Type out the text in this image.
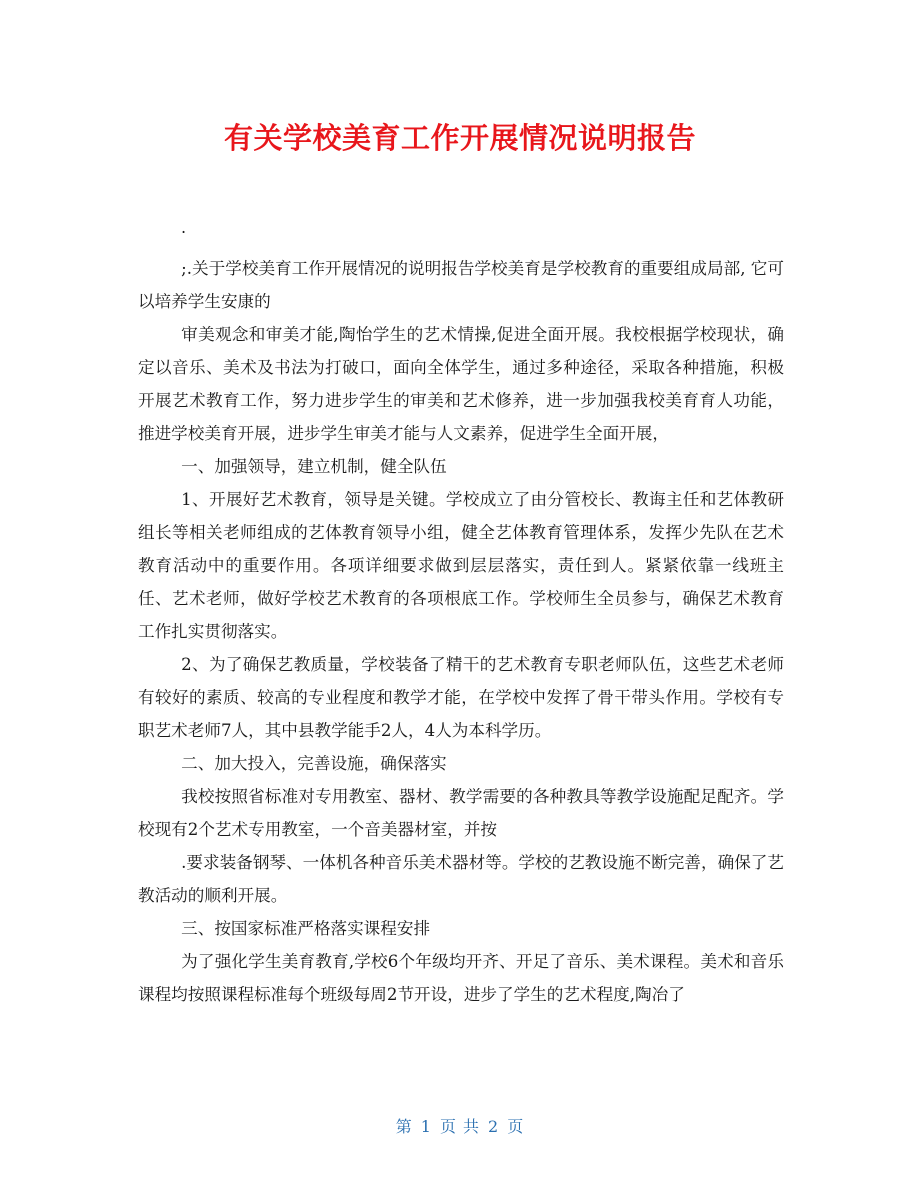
有关学校美育工作开展情况说明报告
.

;.关于学校美育工作开展情况的说明报告学校美育是学校教育的重要组成局部, 它可以培养学生安康的

审美观念和审美才能,陶怡学生的艺术情操,促进全面开展。我校根据学校现状，确定以音乐、美术及书法为打破口，面向全体学生，通过多种途径，采取各种措施，积极开展艺术教育工作，努力进步学生的审美和艺术修养，进一步加强我校美育育人功能，推进学校美育开展，进步学生审美才能与人文素养，促进学生全面开展，

一、加强领导，建立机制，健全队伍

1、开展好艺术教育，领导是关键。学校成立了由分管校长、教诲主任和艺体教研组长等相关老师组成的艺体教育领导小组，健全艺体教育管理体系，发挥少先队在艺术教育活动中的重要作用。各项详细要求做到层层落实，责任到人。紧紧依靠一线班主任、艺术老师，做好学校艺术教育的各项根底工作。学校师生全员参与，确保艺术教育工作扎实贯彻落实。

2、为了确保艺教质量，学校装备了精干的艺术教育专职老师队伍，这些艺术老师有较好的素质、较高的专业程度和教学才能，在学校中发挥了骨干带头作用。学校有专职艺术老师7人，其中县教学能手2人，4人为本科学历。

二、加大投入，完善设施，确保落实

我校按照省标准对专用教室、器材、教学需要的各种教具等教学设施配足配齐。学校现有2个艺术专用教室，一个音美器材室，并按

.要求装备钢琴、一体机各种音乐美术器材等。学校的艺教设施不断完善，确保了艺教活动的顺利开展。

三、按国家标准严格落实课程安排

为了强化学生美育教育,学校6个年级均开齐、开足了音乐、美术课程。美术和音乐课程均按照课程标准每个班级每周2节开设，进步了学生的艺术程度,陶冶了

第 1 页 共 2 页
